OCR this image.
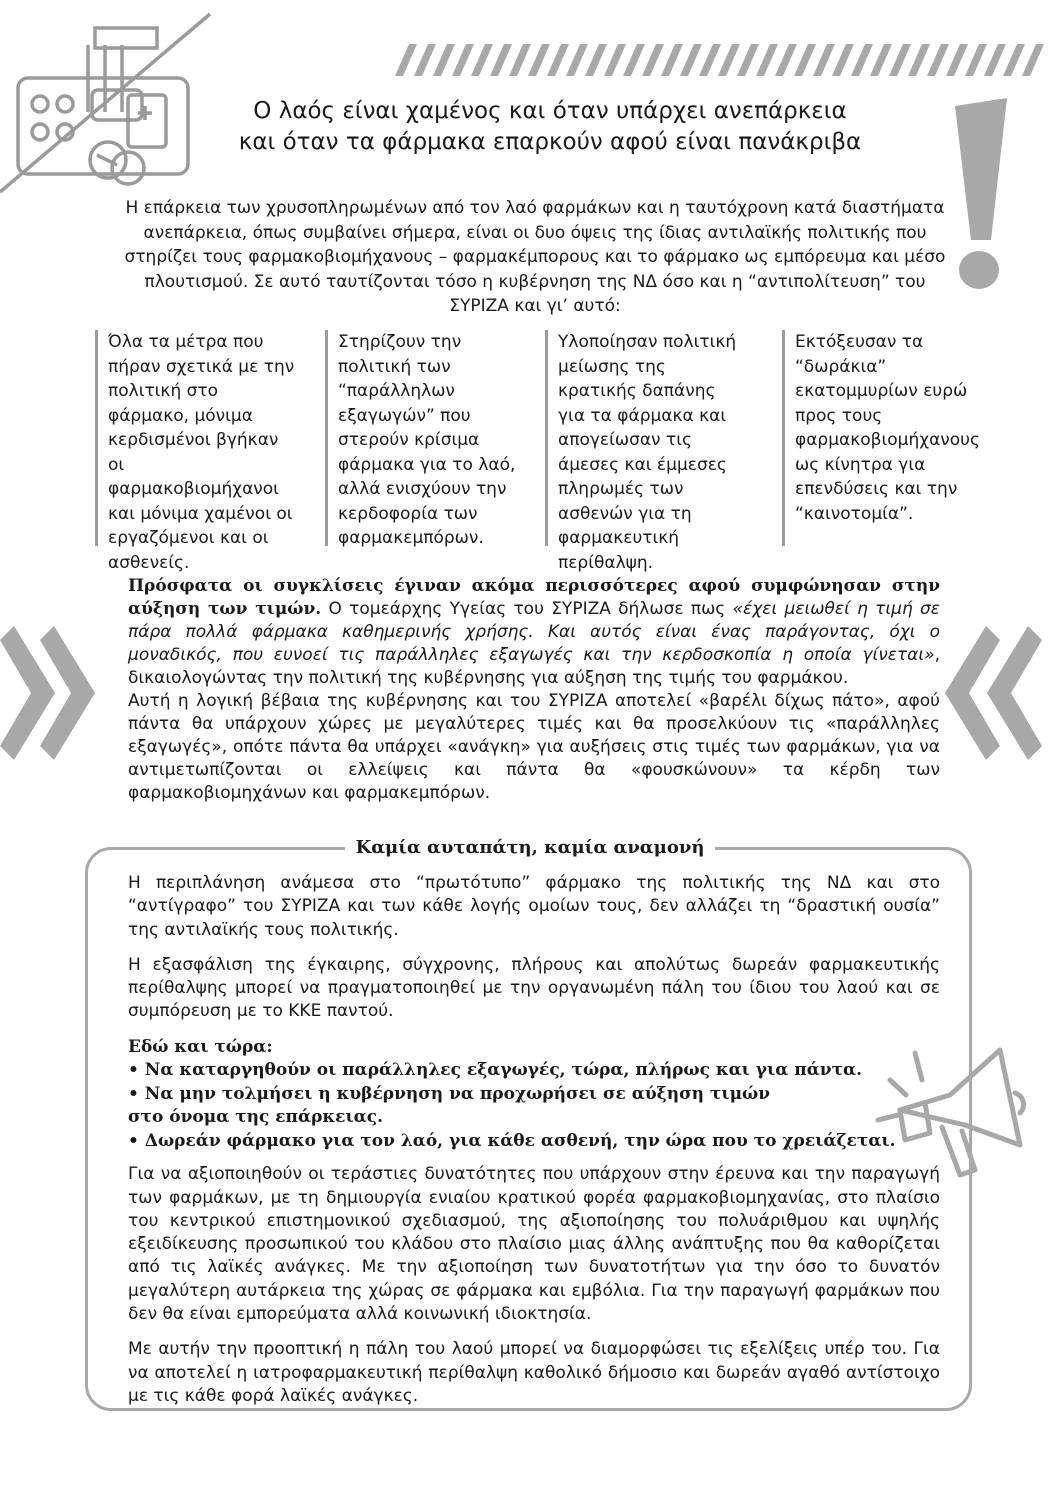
Ο λαός είναι χαμένος και όταν υπάρχει ανεπάρκεια
και όταν τα φάρμακα επαρκούν αφού είναι πανάκριβα
Η επάρκεια των χρυσοπληρωμένων από τον λαό φαρμάκων και η ταυτόχρονη κατά διαστήματα ανεπάρκεια, όπως συμβαίνει σήμερα, είναι οι δυο όψεις της ίδιας αντιλαϊκής πολιτικής που στηρίζει τους φαρμακοβιομήχανους – φαρμακέμπορους και το φάρμακο ως εμπόρευμα και μέσο πλουτισμού. Σε αυτό ταυτίζονται τόσο η κυβέρνηση της ΝΔ όσο και η “αντιπολίτευση” του ΣΥΡΙΖΑ και γι’ αυτό:
Όλα τα μέτρα που πήραν σχετικά με την πολιτική στο φάρμακο, μόνιμα κερδισμένοι βγήκαν οι φαρμακοβιομήχανοι και μόνιμα χαμένοι οι εργαζόμενοι και οι ασθενείς.
Στηρίζουν την πολιτική των “παράλληλων εξαγωγών” που στερούν κρίσιμα φάρμακα για το λαό, αλλά ενισχύουν την κερδοφορία των φαρμακεμπόρων.
Υλοποίησαν πολιτική μείωσης της κρατικής δαπάνης για τα φάρμακα και απογείωσαν τις άμεσες και έμμεσες πληρωμές των ασθενών για τη φαρμακευτική περίθαλψη.
Εκτόξευσαν τα “δωράκια” εκατομμυρίων ευρώ προς τους φαρμακοβιομήχανους ως κίνητρα για επενδύσεις και την “καινοτομία”.

Πρόσφατα οι συγκλίσεις έγιναν ακόμα περισσότερες αφού συμφώνησαν στην αύξηση των τιμών. Ο τομεάρχης Υγείας του ΣΥΡΙΖΑ δήλωσε πως «έχει μειωθεί η τιμή σε πάρα πολλά φάρμακα καθημερινής χρήσης. Και αυτός είναι ένας παράγοντας, όχι ο μοναδικός, που ευνοεί τις παράλληλες εξαγωγές και την κερδοσκοπία η οποία γίνεται», δικαιολογώντας την πολιτική της κυβέρνησης για αύξηση της τιμής του φαρμάκου.

Αυτή η λογική βέβαια της κυβέρνησης και του ΣΥΡΙΖΑ αποτελεί «βαρέλι δίχως πάτο», αφού πάντα θα υπάρχουν χώρες με μεγαλύτερες τιμές και θα προσελκύουν τις «παράλληλες εξαγωγές», οπότε πάντα θα υπάρχει «ανάγκη» για αυξήσεις στις τιμές των φαρμάκων, για να αντιμετωπίζονται οι ελλείψεις και πάντα θα «φουσκώνουν» τα κέρδη των φαρμακοβιομηχάνων και φαρμακεμπόρων.

Καμία αυταπάτη, καμία αναμονή

Η περιπλάνηση ανάμεσα στο “πρωτότυπο” φάρμακο της πολιτικής της ΝΔ και στο “αντίγραφο” του ΣΥΡΙΖΑ και των κάθε λογής ομοίων τους, δεν αλλάζει τη “δραστική ουσία” της αντιλαϊκής τους πολιτικής.

Η εξασφάλιση της έγκαιρης, σύγχρονης, πλήρους και απολύτως δωρεάν φαρμακευτικής περίθαλψης μπορεί να πραγματοποιηθεί με την οργανωμένη πάλη του ίδιου του λαού και σε συμπόρευση με το ΚΚΕ παντού.

Εδώ και τώρα:
• Να καταργηθούν οι παράλληλες εξαγωγές, τώρα, πλήρως και για πάντα.
• Να μην τολμήσει η κυβέρνηση να προχωρήσει σε αύξηση τιμών
στο όνομα της επάρκειας.
• Δωρεάν φάρμακο για τον λαό, για κάθε ασθενή, την ώρα που το χρειάζεται.

Για να αξιοποιηθούν οι τεράστιες δυνατότητες που υπάρχουν στην έρευνα και την παραγωγή των φαρμάκων, με τη δημιουργία ενιαίου κρατικού φορέα φαρμακοβιομηχανίας, στο πλαίσιο του κεντρικού επιστημονικού σχεδιασμού, της αξιοποίησης του πολυάριθμου και υψηλής εξειδίκευσης προσωπικού του κλάδου στο πλαίσιο μιας άλλης ανάπτυξης που θα καθορίζεται από τις λαϊκές ανάγκες. Με την αξιοποίηση των δυνατοτήτων για την όσο το δυνατόν μεγαλύτερη αυτάρκεια της χώρας σε φάρμακα και εμβόλια. Για την παραγωγή φαρμάκων που δεν θα είναι εμπορεύματα αλλά κοινωνική ιδιοκτησία.

Με αυτήν την προοπτική η πάλη του λαού μπορεί να διαμορφώσει τις εξελίξεις υπέρ του. Για να αποτελεί η ιατροφαρμακευτική περίθαλψη καθολικό δήμοσιο και δωρεάν αγαθό αντίστοιχο με τις κάθε φορά λαϊκές ανάγκες.
